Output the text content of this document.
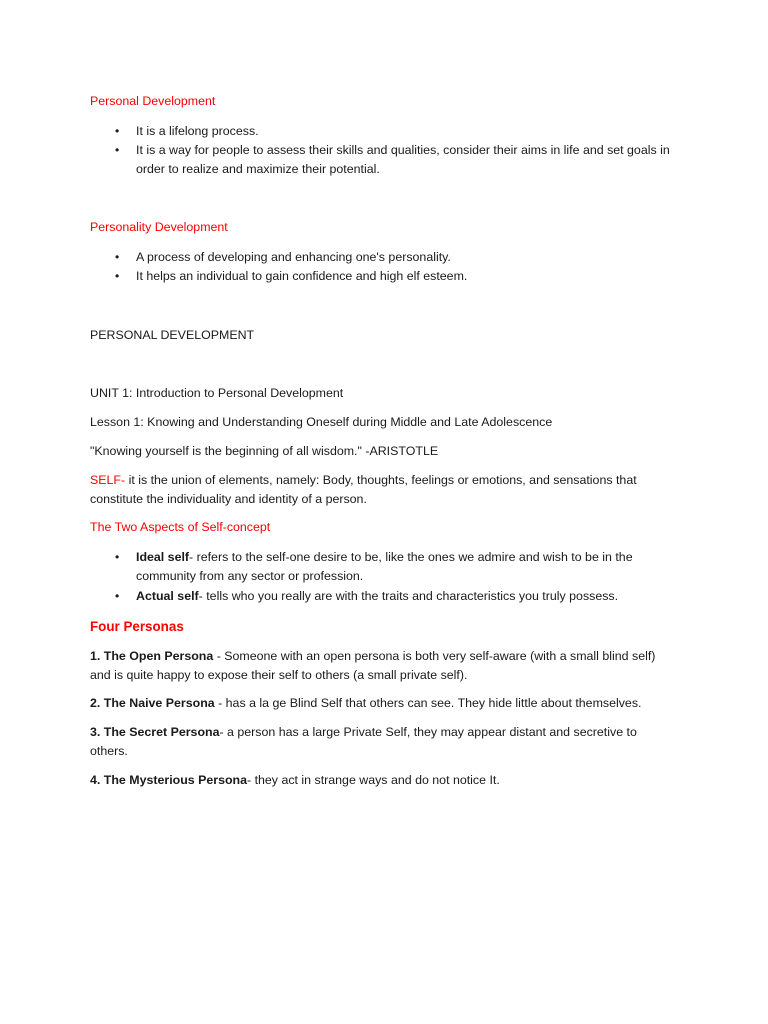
Personal Development
• It is a lifelong process.
• It is a way for people to assess their skills and qualities, consider their aims in life and set goals in
order to realize and maximize their potential.
Personality Development
• A process of developing and enhancing one's personality.
• It helps an individual to gain confidence and high elf esteem.
PERSONAL DEVELOPMENT
UNIT 1: Introduction to Personal Development
Lesson 1: Knowing and Understanding Oneself during Middle and Late Adolescence
"Knowing yourself is the beginning of all wisdom." -ARISTOTLE
SELF- it is the union of elements, namely: Body, thoughts, feelings or emotions, and sensations that
constitute the individuality and identity of a person.
The Two Aspects of Self-concept
• Ideal self- refers to the self-one desire to be, like the ones we admire and wish to be in the
community from any sector or profession.
• Actual self- tells who you really are with the traits and characteristics you truly possess.
Four Personas
1. The Open Persona - Someone with an open persona is both very self-aware (with a small blind self)
and is quite happy to expose their self to others (a small private self).
2. The Naive Persona - has a la ge Blind Self that others can see. They hide little about themselves.
3. The Secret Persona- a person has a large Private Self, they may appear distant and secretive to
others.
4. The Mysterious Persona- they act in strange ways and do not notice It.
